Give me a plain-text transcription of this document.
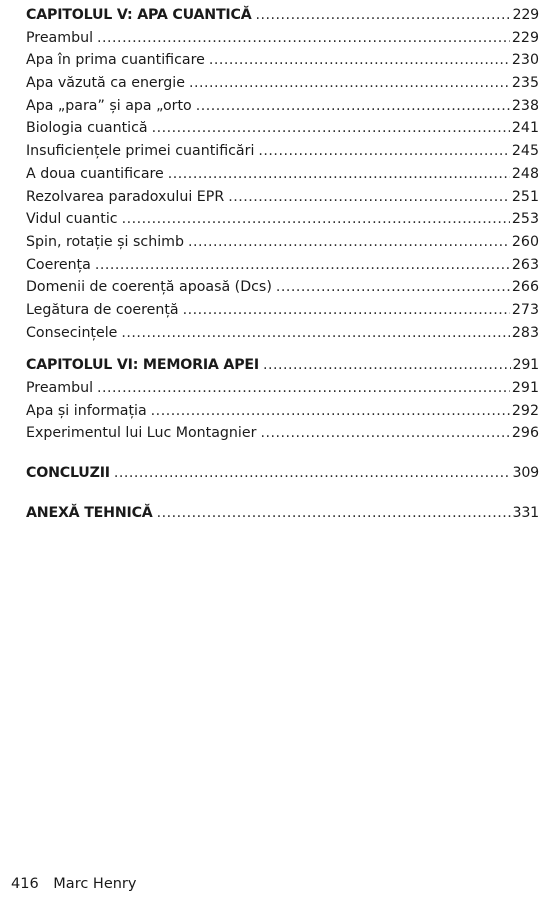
CAPITOLUL V: APA CUANTICĂ .....	229
Preambul .....	229
Apa în prima cuantificare .....	230
Apa văzută ca energie .....	235
Apa „para” și apa „orto .....	238
Biologia cuantică .....	241
Insuficiențele primei cuantificări .....	245
A doua cuantificare .....	248
Rezolvarea paradoxului EPR .....	251
Vidul cuantic .....	253
Spin, rotație și schimb .....	260
Coerența .....	263
Domenii de coerență apoasă (Dcs) .....	266
Legătura de coerență .....	273
Consecințele .....	283
CAPITOLUL VI: MEMORIA APEI .....	291
Preambul .....	291
Apa și informația .....	292
Experimentul lui Luc Montagnier .....	296
CONCLUZII .....	309
ANEXĂ TEHNICĂ .....	331
416 Marc Henry
